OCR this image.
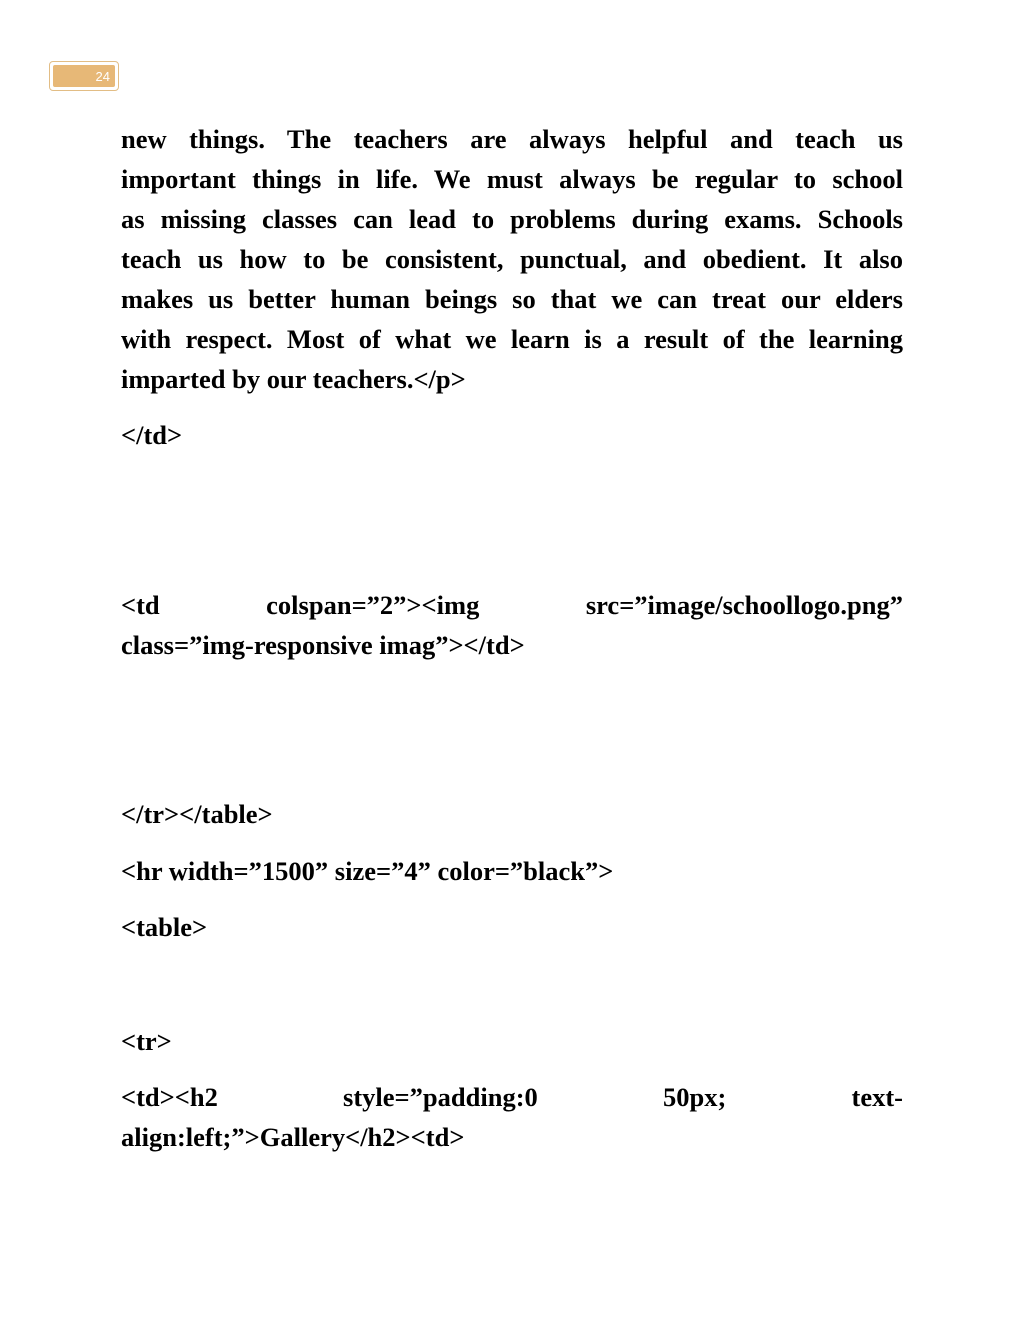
24
new things. The teachers are always helpful and teach us
important things in life. We must always be regular to school
as missing classes can lead to problems during exams. Schools
teach us how to be consistent, punctual, and obedient. It also
makes us better human beings so that we can treat our elders
with respect. Most of what we learn is a result of the learning
imparted by our teachers.</p>
</td>
<td colspan=”2”><img src=”image/schoollogo.png”
class=”img-responsive imag”></td>
</tr></table>
<hr width=”1500” size=”4” color=”black”>
<table>
<tr>
<td><h2 style=”padding:0 50px; text-
align:left;”>Gallery</h2><td>
